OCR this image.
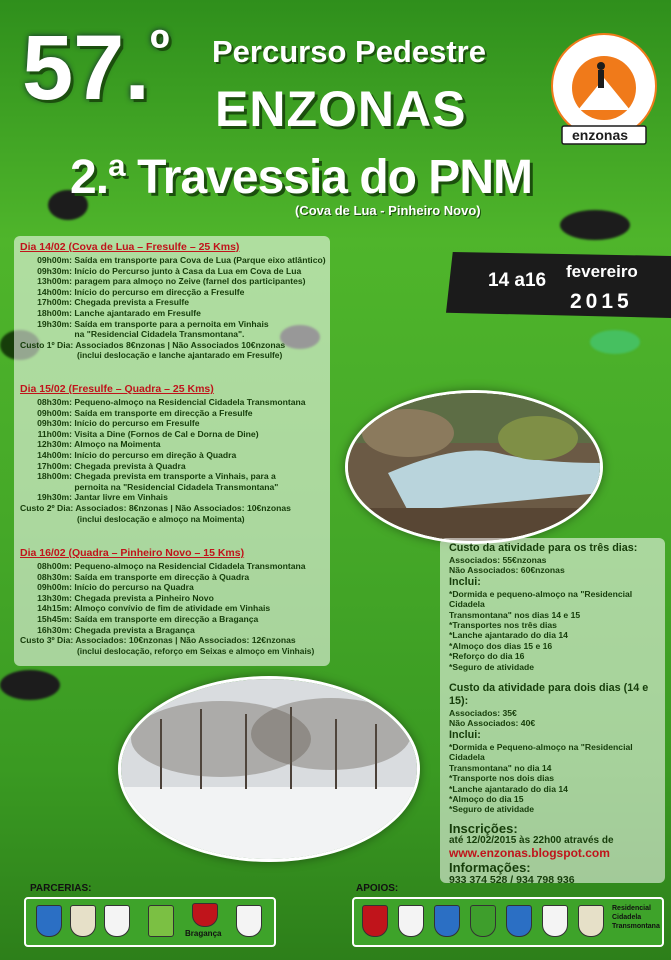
57.$^º$ Percurso Pedestre
ENZONAS
2.ª Travessia do PNM
(Cova de Lua - Pinheiro Novo)
enzonas
Dia 14/02 (Cova de Lua – Fresulfe – 25 Kms)
09h00m: Saída em transporte para Cova de Lua (Parque eixo atlântico)
09h30m: Início do Percurso junto à Casa da Lua em Cova de Lua
13h00m: paragem para almoço no Zeive (farnel dos participantes)
14h00m: Início do percurso em direcção a Fresulfe
17h00m: Chegada prevista a Fresulfe
18h00m: Lanche ajantarado em Fresulfe
19h30m: Saída em transporte para a pernoita em Vinhais
na "Residencial Cidadela Transmontana".
Custo 1º Dia: Associados 8€nzonas | Não Associados 10€nzonas
(inclui deslocação e lanche ajantarado em Fresulfe)
Dia 15/02 (Fresulfe – Quadra – 25 Kms)
08h30m: Pequeno-almoço na Residencial Cidadela Transmontana
09h00m: Saída em transporte em direcção a Fresulfe
09h30m: Início do percurso em Fresulfe
11h00m: Visita a Dine (Fornos de Cal e Dorna de Dine)
12h30m: Almoço na Moimenta
14h00m: Início do percurso em direção à Quadra
17h00m: Chegada prevista à Quadra
18h00m: Chegada prevista em transporte a Vinhais, para a
pernoita na "Residencial Cidadela Transmontana"
19h30m: Jantar livre em Vinhais
Custo 2º Dia: Associados: 8€nzonas | Não Associados: 10€nzonas
(inclui deslocação e almoço na Moimenta)
Dia 16/02 (Quadra – Pinheiro Novo – 15 Kms)
08h00m: Pequeno-almoço na Residencial Cidadela Transmontana
08h30m: Saída em transporte em direcção à Quadra
09h00m: Início do percurso na Quadra
13h30m: Chegada prevista a Pinheiro Novo
14h15m: Almoço convívio de fim de atividade em Vinhais
15h45m: Saída em transporte em direcção a Bragança
16h30m: Chegada prevista a Bragança
Custo 3º Dia: Associados: 10€nzonas | Não Associados: 12€nzonas
(inclui deslocação, reforço em Seixas e almoço em Vinhais)
14 a16 fevereiro
2015
Custo da atividade para os três dias:
Associados: 55€nzonas
Não Associados: 60€nzonas
Inclui:
*Dormida e pequeno-almoço na "Residencial Cidadela
Transmontana" nos dias 14 e 15
*Transportes nos três dias
*Lanche ajantarado do dia 14
*Almoço dos dias 15 e 16
*Reforço do dia 16
*Seguro de atividade
Custo da atividade para dois dias (14 e 15):
Associados: 35€
Não Associados: 40€
Inclui:
*Dormida e Pequeno-almoço na "Residencial Cidadela
Transmontana" no dia 14
*Transporte nos dois dias
*Lanche ajantarado do dia 14
*Almoço do dia 15
*Seguro de atividade
Inscrições:
até 12/02/2015 às 22h00 através de
www.enzonas.blogspot.com
Informações:
933 374 528 / 934 798 936
PARCERIAS:
Bragança
APOIOS:
Residencial
Cidadela
Transmontana
